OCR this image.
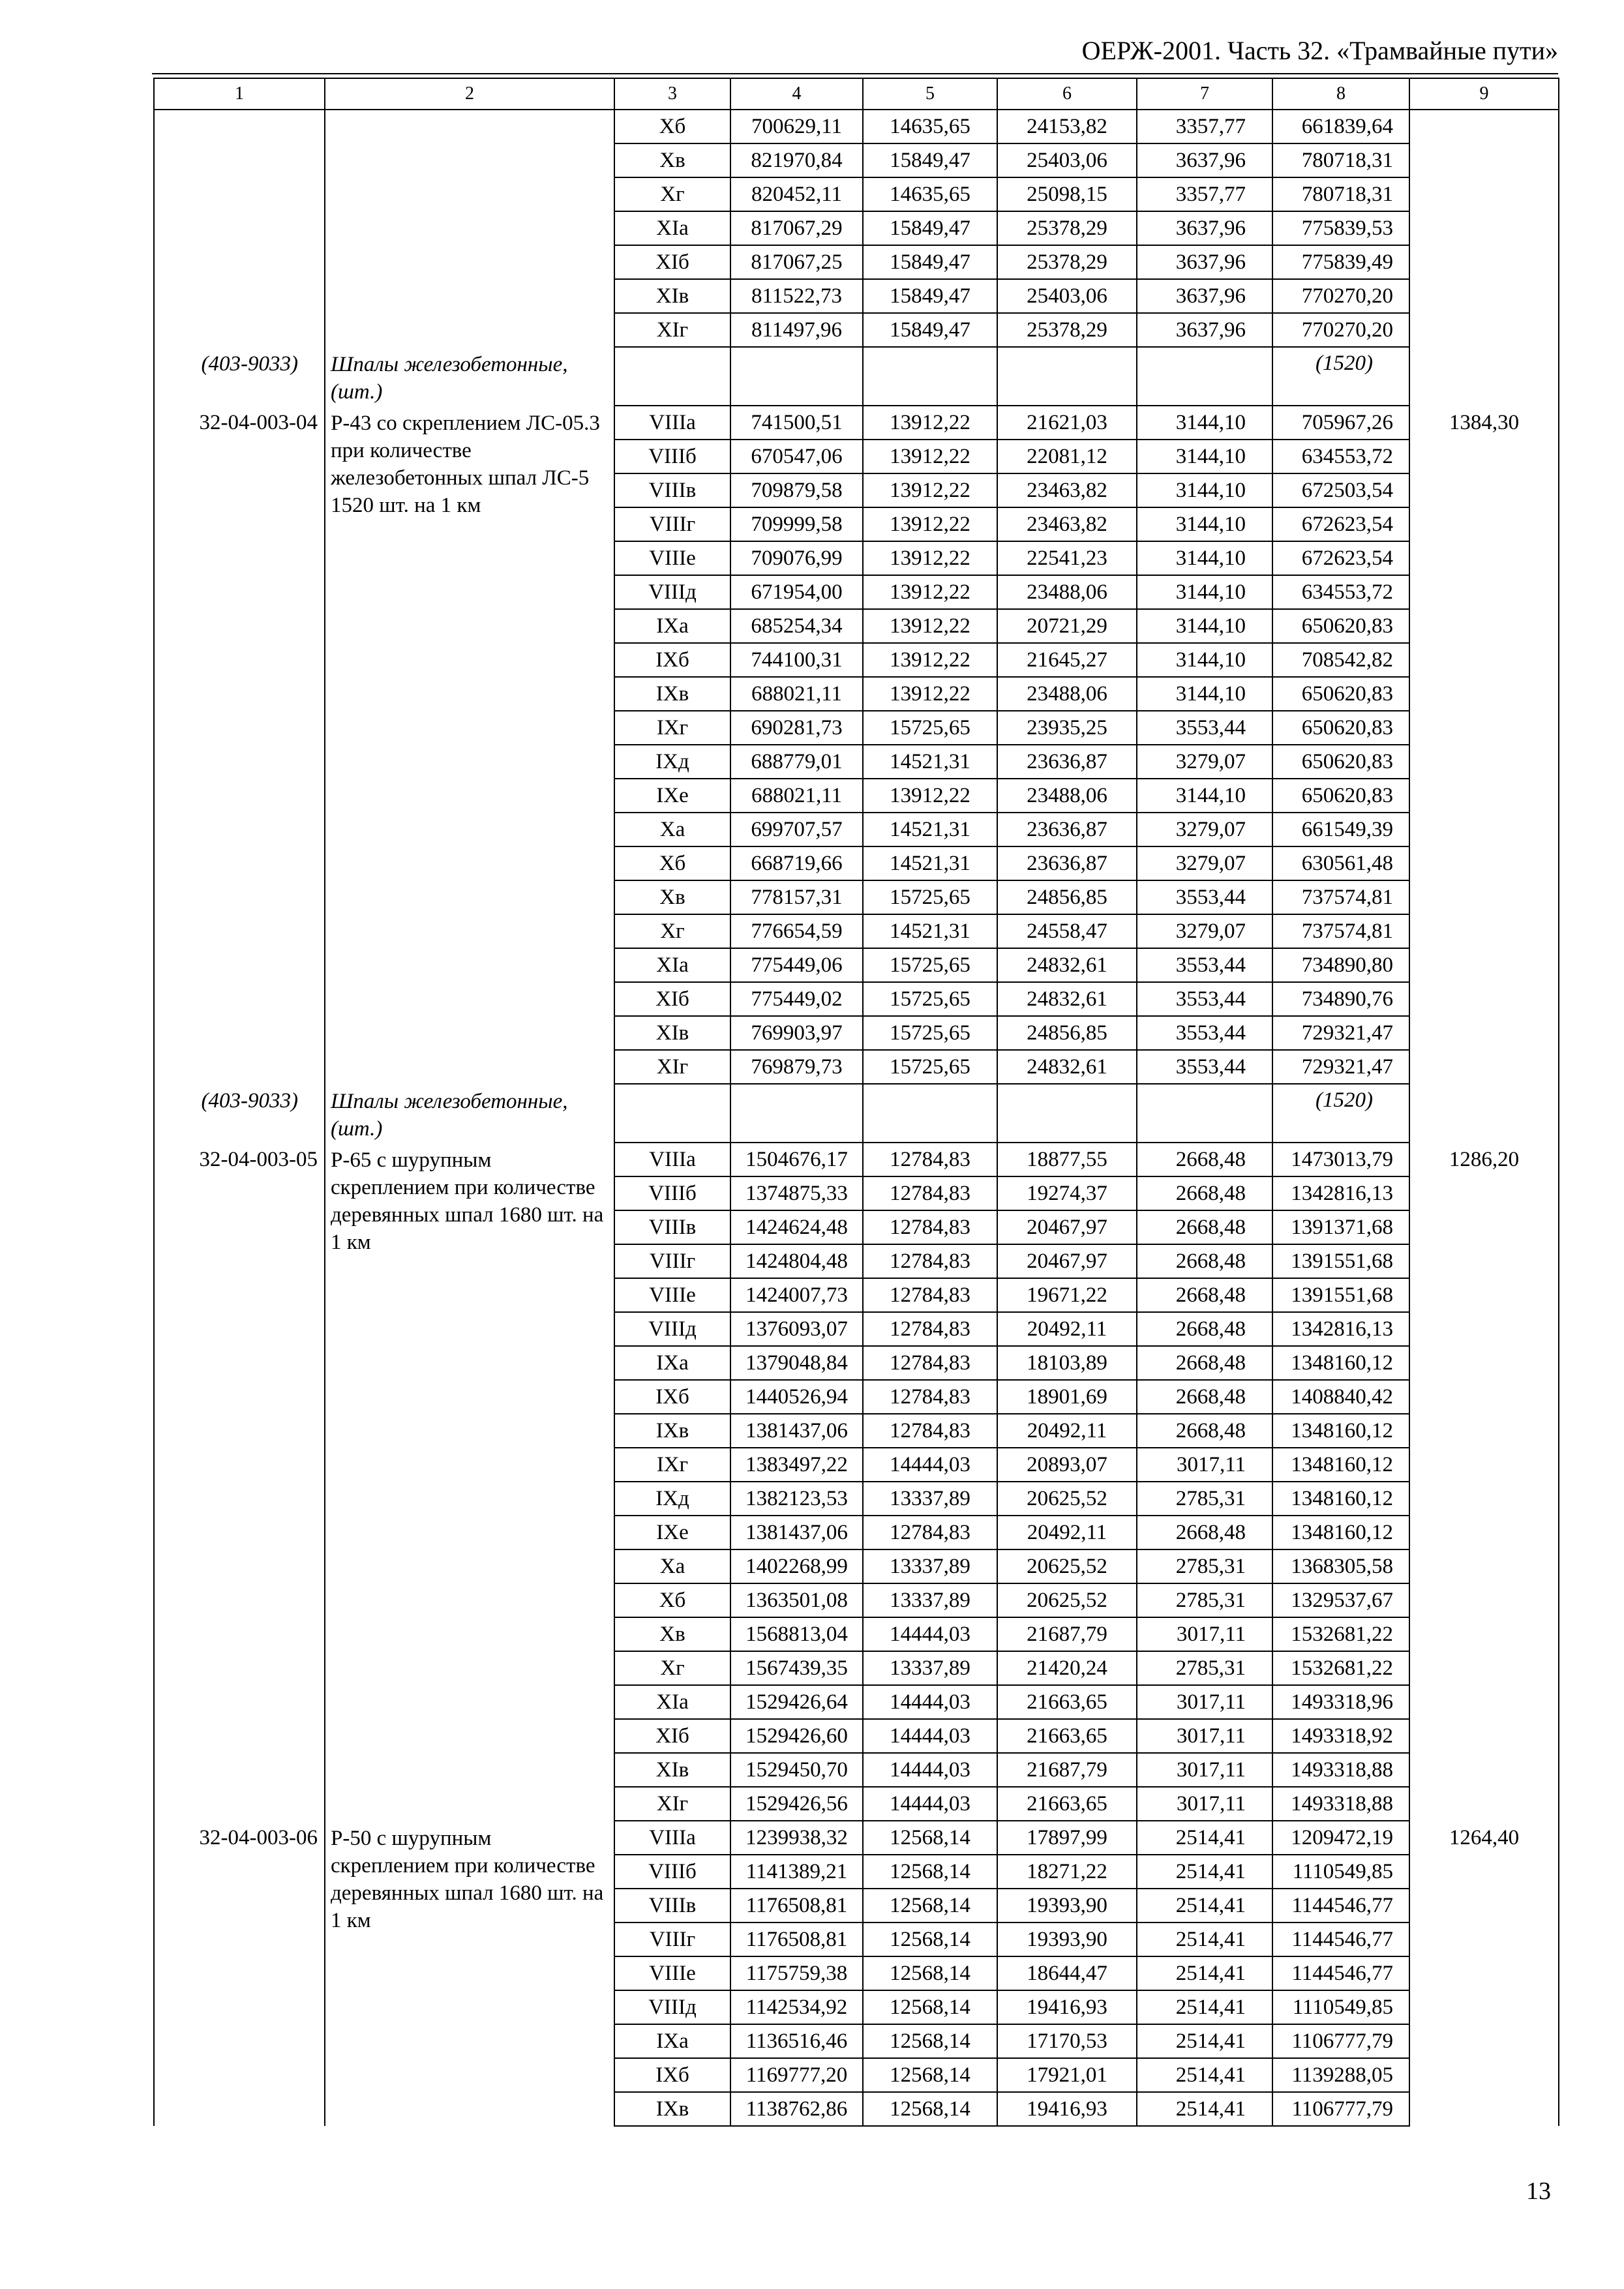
ОЕРЖ-2001. Часть 32. «Трамвайные пути»
1	2	3	4	5	6	7	8	9
		Хб	700629,11	14635,65	24153,82	3357,77	661839,64	
		Хв	821970,84	15849,47	25403,06	3637,96	780718,31	
		Хг	820452,11	14635,65	25098,15	3357,77	780718,31	
		ХIа	817067,29	15849,47	25378,29	3637,96	775839,53	
		ХIб	817067,25	15849,47	25378,29	3637,96	775839,49	
		ХIв	811522,73	15849,47	25403,06	3637,96	770270,20	
		ХIг	811497,96	15849,47	25378,29	3637,96	770270,20	
(403-9033)	Шпалы железобетонные, (шт.)						(1520)	
32-04-003-04	Р-43 со скреплением ЛС-05.3 при количестве железобетонных шпал ЛС-5 1520 шт. на 1 км	VIIIа	741500,51	13912,22	21621,03	3144,10	705967,26	1384,30
		VIIIб	670547,06	13912,22	22081,12	3144,10	634553,72	
		VIIIв	709879,58	13912,22	23463,82	3144,10	672503,54	
		VIIIг	709999,58	13912,22	23463,82	3144,10	672623,54	
		VIIIе	709076,99	13912,22	22541,23	3144,10	672623,54	
		VIIIд	671954,00	13912,22	23488,06	3144,10	634553,72	
		IXа	685254,34	13912,22	20721,29	3144,10	650620,83	
		IXб	744100,31	13912,22	21645,27	3144,10	708542,82	
		IXв	688021,11	13912,22	23488,06	3144,10	650620,83	
		IXг	690281,73	15725,65	23935,25	3553,44	650620,83	
		IXд	688779,01	14521,31	23636,87	3279,07	650620,83	
		IXе	688021,11	13912,22	23488,06	3144,10	650620,83	
		Ха	699707,57	14521,31	23636,87	3279,07	661549,39	
		Хб	668719,66	14521,31	23636,87	3279,07	630561,48	
		Хв	778157,31	15725,65	24856,85	3553,44	737574,81	
		Хг	776654,59	14521,31	24558,47	3279,07	737574,81	
		ХIа	775449,06	15725,65	24832,61	3553,44	734890,80	
		ХIб	775449,02	15725,65	24832,61	3553,44	734890,76	
		ХIв	769903,97	15725,65	24856,85	3553,44	729321,47	
		ХIг	769879,73	15725,65	24832,61	3553,44	729321,47	
(403-9033)	Шпалы железобетонные, (шт.)						(1520)	
32-04-003-05	Р-65 с шурупным скреплением при количестве деревянных шпал 1680 шт. на 1 км	VIIIа	1504676,17	12784,83	18877,55	2668,48	1473013,79	1286,20
		VIIIб	1374875,33	12784,83	19274,37	2668,48	1342816,13	
		VIIIв	1424624,48	12784,83	20467,97	2668,48	1391371,68	
		VIIIг	1424804,48	12784,83	20467,97	2668,48	1391551,68	
		VIIIе	1424007,73	12784,83	19671,22	2668,48	1391551,68	
		VIIIд	1376093,07	12784,83	20492,11	2668,48	1342816,13	
		IXа	1379048,84	12784,83	18103,89	2668,48	1348160,12	
		IXб	1440526,94	12784,83	18901,69	2668,48	1408840,42	
		IXв	1381437,06	12784,83	20492,11	2668,48	1348160,12	
		IXг	1383497,22	14444,03	20893,07	3017,11	1348160,12	
		IXд	1382123,53	13337,89	20625,52	2785,31	1348160,12	
		IXе	1381437,06	12784,83	20492,11	2668,48	1348160,12	
		Ха	1402268,99	13337,89	20625,52	2785,31	1368305,58	
		Хб	1363501,08	13337,89	20625,52	2785,31	1329537,67	
		Хв	1568813,04	14444,03	21687,79	3017,11	1532681,22	
		Хг	1567439,35	13337,89	21420,24	2785,31	1532681,22	
		ХIа	1529426,64	14444,03	21663,65	3017,11	1493318,96	
		ХIб	1529426,60	14444,03	21663,65	3017,11	1493318,92	
		ХIв	1529450,70	14444,03	21687,79	3017,11	1493318,88	
		ХIг	1529426,56	14444,03	21663,65	3017,11	1493318,88	
32-04-003-06	Р-50 с шурупным скреплением при количестве деревянных шпал 1680 шт. на 1 км	VIIIа	1239938,32	12568,14	17897,99	2514,41	1209472,19	1264,40
		VIIIб	1141389,21	12568,14	18271,22	2514,41	1110549,85	
		VIIIв	1176508,81	12568,14	19393,90	2514,41	1144546,77	
		VIIIг	1176508,81	12568,14	19393,90	2514,41	1144546,77	
		VIIIе	1175759,38	12568,14	18644,47	2514,41	1144546,77	
		VIIIд	1142534,92	12568,14	19416,93	2514,41	1110549,85	
		IXа	1136516,46	12568,14	17170,53	2514,41	1106777,79	
		IXб	1169777,20	12568,14	17921,01	2514,41	1139288,05	
		IXв	1138762,86	12568,14	19416,93	2514,41	1106777,79	
13
